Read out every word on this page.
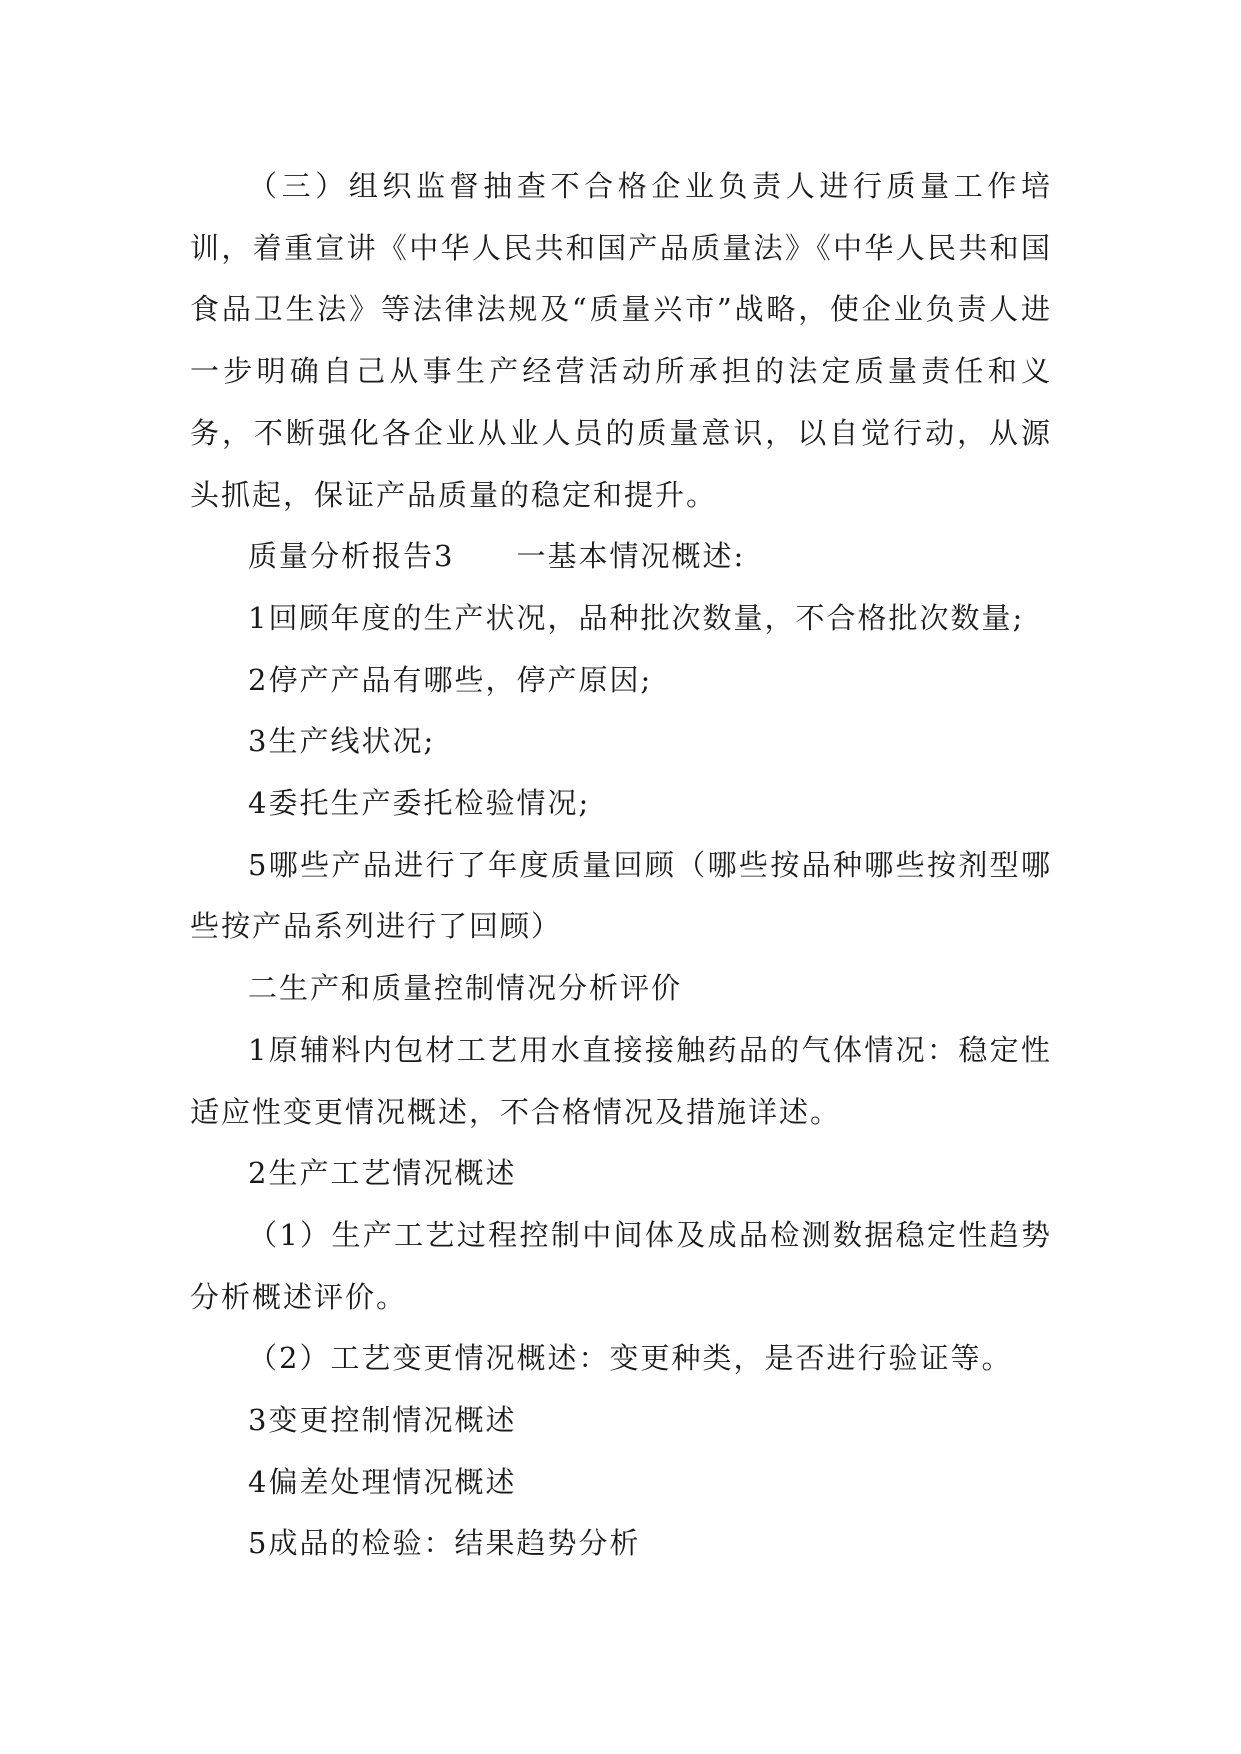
（三）组织监督抽查不合格企业负责人进行质量工作培训，着重宣讲《中华人民共和国产品质量法》《中华人民共和国食品卫生法》等法律法规及“质量兴市”战略，使企业负责人进一步明确自己从事生产经营活动所承担的法定质量责任和义务，不断强化各企业从业人员的质量意识，以自觉行动，从源头抓起，保证产品质量的稳定和提升。

质量分析报告3　　一基本情况概述:

1回顾年度的生产状况，品种批次数量，不合格批次数量;

2停产产品有哪些，停产原因;

3生产线状况;

4委托生产委托检验情况;

5哪些产品进行了年度质量回顾（哪些按品种哪些按剂型哪些按产品系列进行了回顾）

二生产和质量控制情况分析评价

1原辅料内包材工艺用水直接接触药品的气体情况：稳定性适应性变更情况概述，不合格情况及措施详述。

2生产工艺情况概述

（1）生产工艺过程控制中间体及成品检测数据稳定性趋势分析概述评价。

（2）工艺变更情况概述：变更种类，是否进行验证等。

3变更控制情况概述

4偏差处理情况概述

5成品的检验：结果趋势分析
